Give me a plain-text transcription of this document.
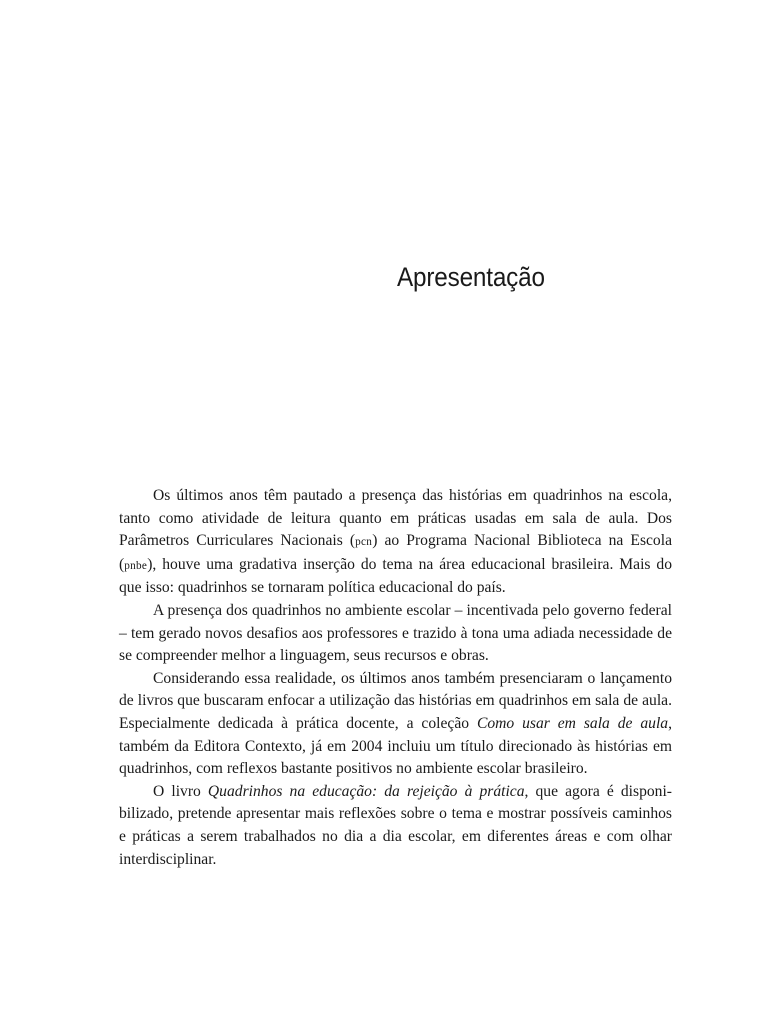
Apresentação

Os últimos anos têm pautado a presença das histórias em quadrinhos na escola, tanto como atividade de leitura quanto em práticas usadas em sala de aula. Dos Parâmetros Curriculares Nacionais (pcn) ao Programa Nacional Biblioteca na Escola (pnbe), houve uma gradativa inserção do tema na área educacional brasileira. Mais do que isso: quadrinhos se tornaram política educacional do país.

A presença dos quadrinhos no ambiente escolar – incentivada pelo governo federal – tem gerado novos desafios aos professores e trazido à tona uma adiada necessidade de se compreender melhor a linguagem, seus recursos e obras.

Considerando essa realidade, os últimos anos também presenciaram o lançamento de livros que buscaram enfocar a utilização das histórias em quadrinhos em sala de aula. Especialmente dedicada à prática docente, a coleção Como usar em sala de aula, também da Editora Contexto, já em 2004 incluiu um título direcionado às histórias em quadrinhos, com reflexos bastante positivos no ambiente escolar brasileiro.

O livro Quadrinhos na educação: da rejeição à prática, que agora é disponibilizado, pretende apresentar mais reflexões sobre o tema e mostrar possíveis caminhos e práticas a serem trabalhados no dia a dia escolar, em diferentes áreas e com olhar interdisciplinar.
